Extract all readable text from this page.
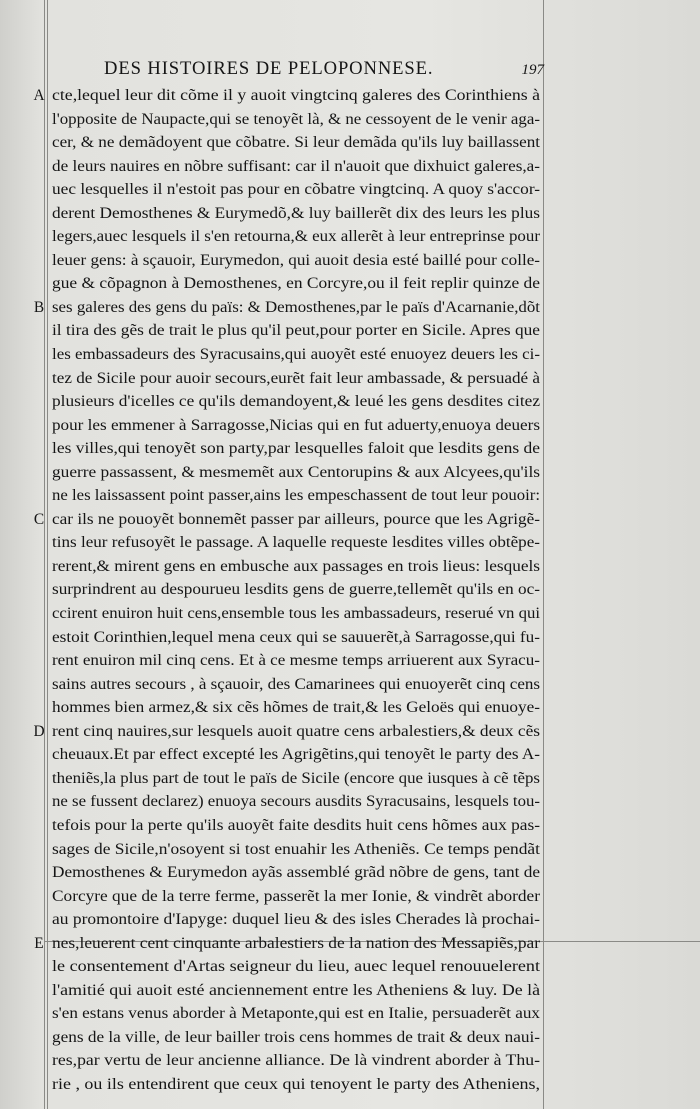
DES HISTOIRES DE PELOPONNESE.	197
A cte,lequel leur dit cõme il y auoit vingtcinq galeres des Corinthiens à
l'opposite de Naupacte,qui se tenoyẽt là, & ne cessoyent de le venir aga-
cer, & ne demãdoyent que cõbatre. Si leur demãda qu'ils luy baillassent
de leurs nauires en nõbre suffisant: car il n'auoit que dixhuict galeres,a-
uec lesquelles il n'estoit pas pour en cõbatre vingtcinq. A quoy s'accor-
derent Demosthenes & Eurymedõ,& luy baillerẽt dix des leurs les plus
legers,auec lesquels il s'en retourna,& eux allerẽt à leur entreprinse pour
leuer gens: à sçauoir, Eurymedon, qui auoit desia esté baillé pour colle-
gue & cõpagnon à Demosthenes, en Corcyre,ou il feit replir quinze de
B ses galeres des gens du païs: & Demosthenes,par le païs d'Acarnanie,dõt
il tira des gẽs de trait le plus qu'il peut,pour porter en Sicile. Apres que
les embassadeurs des Syracusains,qui auoyẽt esté enuoyez deuers les ci-
tez de Sicile pour auoir secours,eurẽt fait leur ambassade, & persuadé à
plusieurs d'icelles ce qu'ils demandoyent,& leué les gens desdites citez
pour les emmener à Sarragosse,Nicias qui en fut aduerty,enuoya deuers
les villes,qui tenoyẽt son party,par lesquelles faloit que lesdits gens de
guerre passassent, & mesmemẽt aux Centorupins & aux Alcyees,qu'ils
ne les laissassent point passer,ains les empeschassent de tout leur pouoir:
C car ils ne pouoyẽt bonnemẽt passer par ailleurs, pource que les Agrigẽ-
tins leur refusoyẽt le passage. A laquelle requeste lesdites villes obtẽpe-
rerent,& mirent gens en embusche aux passages en trois lieus: lesquels
surprindrent au despourueu lesdits gens de guerre,tellemẽt qu'ils en oc-
ccirent enuiron huit cens,ensemble tous les ambassadeurs, reserué vn qui
estoit Corinthien,lequel mena ceux qui se sauuerẽt,à Sarragosse,qui fu-
rent enuiron mil cinq cens. Et à ce mesme temps arriuerent aux Syracu-
sains autres secours , à sçauoir, des Camarinees qui enuoyerẽt cinq cens
hommes bien armez,& six cẽs hõmes de trait,& les Geloës qui enuoye-
D rent cinq nauires,sur lesquels auoit quatre cens arbalestiers,& deux cẽs
cheuaux.Et par effect excepté les Agrigẽtins,qui tenoyẽt le party des A-
theniẽs,la plus part de tout le païs de Sicile (encore que iusques à cẽ tẽps
ne se fussent declarez) enuoya secours ausdits Syracusains, lesquels tou-
tefois pour la perte qu'ils auoyẽt faite desdits huit cens hõmes aux pas-
sages de Sicile,n'osoyent si tost enuahir les Atheniẽs. Ce temps pendãt
Demosthenes & Eurymedon ayãs assemblé grãd nõbre de gens, tant de
Corcyre que de la terre ferme, passerẽt la mer Ionie, & vindrẽt aborder
au promontoire d'Iapyge: duquel lieu & des isles Cherades là prochai-
E nes,leuerent cent cinquante arbalestiers de la nation des Messapiẽs,par
le consentement d'Artas seigneur du lieu, auec lequel renouuelerent
l'amitié qui auoit esté anciennement entre les Atheniens & luy. De là
s'en estans venus aborder à Metaponte,qui est en Italie, persuaderẽt aux
gens de la ville, de leur bailler trois cens hommes de trait & deux naui-
res,par vertu de leur ancienne alliance. De là vindrent aborder à Thu-
rie , ou ils entendirent que ceux qui tenoyent le party des Atheniens,
